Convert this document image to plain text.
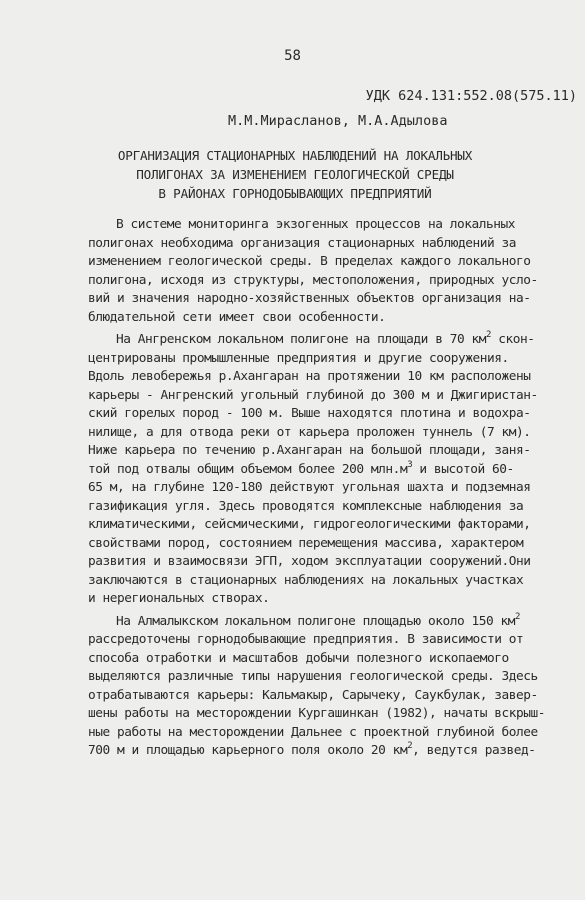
58
УДК 624.131:552.08(575.11)
М.М.Мирасланов, М.А.Адылова
ОРГАНИЗАЦИЯ СТАЦИОНАРНЫХ НАБЛЮДЕНИЙ НА ЛОКАЛЬНЫХ
ПОЛИГОНАХ ЗА ИЗМЕНЕНИЕМ ГЕОЛОГИЧЕСКОЙ СРЕДЫ
В РАЙОНАХ ГОРНОДОБЫВАЮЩИХ ПРЕДПРИЯТИЙ
В системе мониторинга экзогенных процессов на локальных
полигонах необходима организация стационарных наблюдений за
изменением геологической среды. В пределах каждого локального
полигона, исходя из структуры, местоположения, природных усло-
вий и значения народно-хозяйственных объектов организация на-
блюдательной сети имеет свои особенности.
На Ангренском локальном полигоне на площади в 70 $км^2$ скон-
центрированы промышленные предприятия и другие сооружения.
Вдоль левобережья р.Ахангаран на протяжении 10 км расположены
карьеры - Ангренский угольный глубиной до 300 м и Джигиристан-
ский горелых пород - 100 м. Выше находятся плотина и водохра-
нилище, а для отвода реки от карьера проложен туннель (7 км).
Ниже карьера по течению р.Ахангаран на большой площади, заня-
той под отвалы общим объемом более 200 $млн.м^3$ и высотой 60-
65 м, на глубине 120-180 действуют угольная шахта и подземная
газификация угля. Здесь проводятся комплексные наблюдения за
климатическими, сейсмическими, гидрогеологическими факторами,
свойствами пород, состоянием перемещения массива, характером
развития и взаимосвязи ЭГП, ходом эксплуатации сооружений.Они
заключаются в стационарных наблюдениях на локальных участках
и нерегиональных створах.
На Алмалыкском локальном полигоне площадью около 150 $км^2$
рассредоточены горнодобывающие предприятия. В зависимости от
способа отработки и масштабов добычи полезного ископаемого
выделяются различные типы нарушения геологической среды. Здесь
отрабатываются карьеры: Кальмакыр, Сарычеку, Саукбулак, завер-
шены работы на месторождении Кургашинкан (1982), начаты вскрыш-
ные работы на месторождении Дальнее с проектной глубиной более
700 м и площадью карьерного поля около 20 $км^2$, ведутся развед-
